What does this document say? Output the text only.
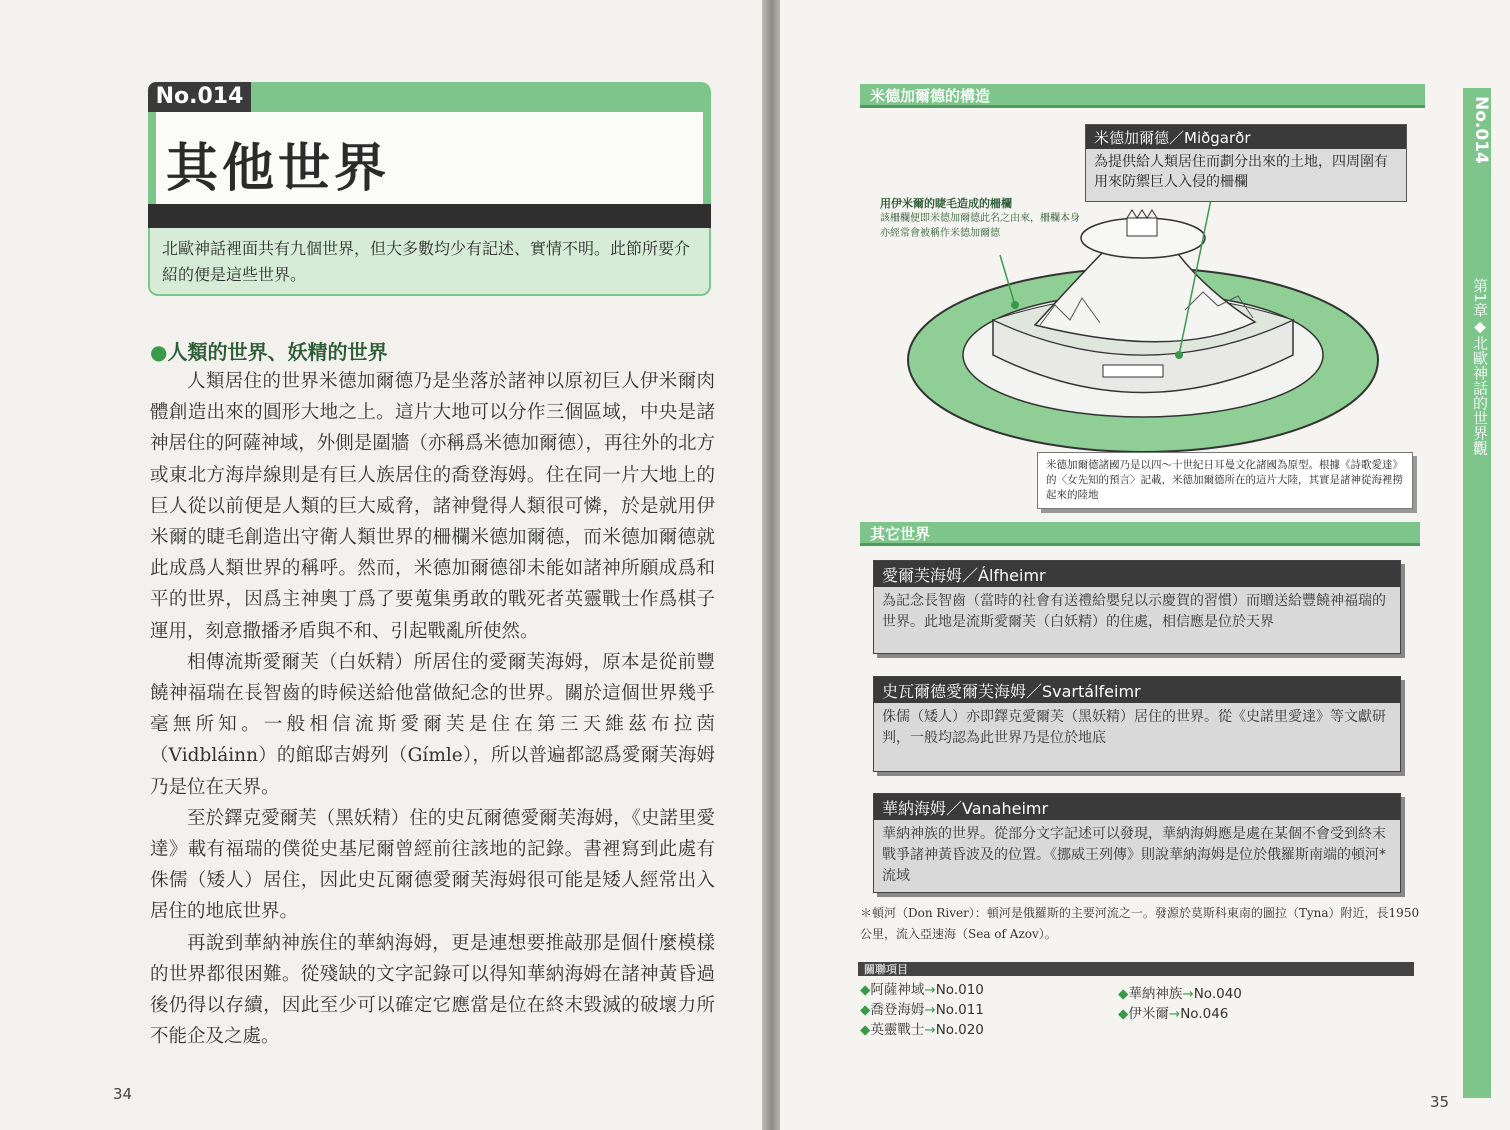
其他世界
No.014
北歐神話裡面共有九個世界，但大多數均少有記述、實情不明。此節所要介紹的便是這些世界。
●人類的世界、妖精的世界

人類居住的世界米德加爾德乃是坐落於諸神以原初巨人伊米爾肉體創造出來的圓形大地之上。這片大地可以分作三個區域，中央是諸神居住的阿薩神域，外側是圍牆（亦稱爲米德加爾德），再往外的北方或東北方海岸線則是有巨人族居住的喬登海姆。住在同一片大地上的巨人從以前便是人類的巨大威脅，諸神覺得人類很可憐，於是就用伊米爾的睫毛創造出守衛人類世界的柵欄米德加爾德，而米德加爾德就此成爲人類世界的稱呼。然而，米德加爾德卻未能如諸神所願成爲和平的世界，因爲主神奧丁爲了要蒐集勇敢的戰死者英靈戰士作爲棋子運用，刻意撒播矛盾與不和、引起戰亂所使然。

相傳流斯愛爾芙（白妖精）所居住的愛爾芙海姆，原本是從前豐饒神福瑞在長智齒的時候送給他當做紀念的世界。關於這個世界幾乎毫無所知。一般相信流斯愛爾芙是住在第三天維茲布拉茵（Vidbláinn）的館邸吉姆列（Gímle），所以普遍都認爲愛爾芙海姆乃是位在天界。

至於鐸克愛爾芙（黑妖精）住的史瓦爾德愛爾芙海姆，《史諾里愛達》載有福瑞的僕從史基尼爾曾經前往該地的記錄。書裡寫到此處有侏儒（矮人）居住，因此史瓦爾德愛爾芙海姆很可能是矮人經常出入居住的地底世界。

再說到華納神族住的華納海姆，更是連想要推敲那是個什麼模樣的世界都很困難。從殘缺的文字記錄可以得知華納海姆在諸神黃昏過後仍得以存續，因此至少可以確定它應當是位在終末毀滅的破壞力所不能企及之處。

34
米德加爾德的構造
米德加爾德／Miðgarðr
為提供給人類居住而劃分出來的土地，四周圍有用來防禦巨人入侵的柵欄
用伊米爾的睫毛造成的柵欄
該柵欄便即米德加爾德此名之由來，柵欄本身亦經常會被稱作米德加爾德
米德加爾德諸國乃是以四～十世紀日耳曼文化諸國為原型。根據《詩歌愛達》的〈女先知的預言〉記載，米德加爾德所在的這片大陸，其實是諸神從海裡撈起來的陸地
其它世界
愛爾芙海姆／Álfheimr
為記念長智齒（當時的社會有送禮給嬰兒以示慶賀的習慣）而贈送給豐饒神福瑞的世界。此地是流斯愛爾芙（白妖精）的住處，相信應是位於天界
史瓦爾德愛爾芙海姆／Svartálfeimr
侏儒（矮人）亦即鐸克愛爾芙（黑妖精）居住的世界。從《史諾里愛達》等文獻研判，一般均認為此世界乃是位於地底
華納海姆／Vanaheimr
華納神族的世界。從部分文字記述可以發現，華納海姆應是處在某個不會受到終末戰爭諸神黃昏波及的位置。《挪威王列傳》則說華納海姆是位於俄羅斯南端的頓河*流域
＊頓河（Don River）：頓河是俄羅斯的主要河流之一。發源於莫斯科東南的圖拉（Tyna）附近，長1950公里，流入亞速海（Sea of Azov）。
關聯項目
◆阿薩神域→No.010
◆喬登海姆→No.011
◆英靈戰士→No.020
◆華納神族→No.040
◆伊米爾→No.046
No.014
第1章◆北歐神話的世界觀
35
